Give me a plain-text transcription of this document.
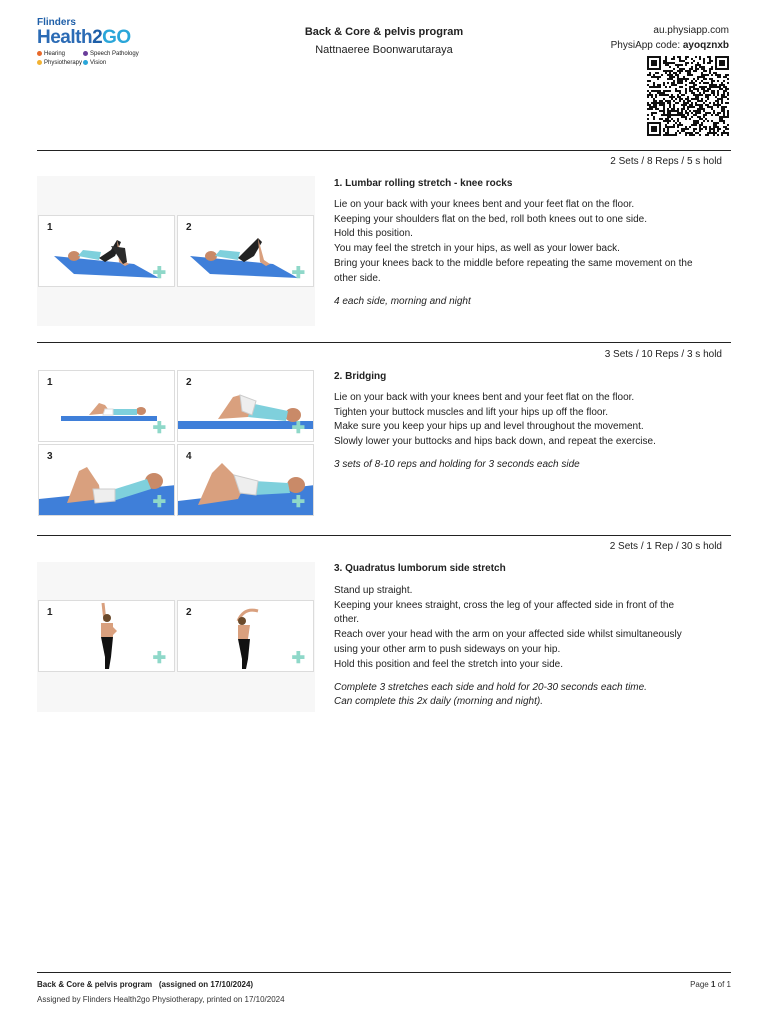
Flinders
Health2GO
Hearing	Speech Pathology
Physiotherapy	Vision
Back & Core & pelvis program
Nattnaeree Boonwarutaraya
au.physiapp.com
PhysiApp code: ayoqznxb
2 Sets / 8 Reps / 5 s hold
1
✚
2
✚
1. Lumbar rolling stretch - knee rocks
Lie on your back with your knees bent and your feet flat on the floor.
Keeping your shoulders flat on the bed, roll both knees out to one side.
Hold this position.
You may feel the stretch in your hips, as well as your lower back.
Bring your knees back to the middle before repeating the same movement on the
other side.
4 each side, morning and night
3 Sets / 10 Reps / 3 s hold
1
✚
2
✚
3
✚
4
✚
2. Bridging
Lie on your back with your knees bent and your feet flat on the floor.
Tighten your buttock muscles and lift your hips up off the floor.
Make sure you keep your hips up and level throughout the movement.
Slowly lower your buttocks and hips back down, and repeat the exercise.
3 sets of 8-10 reps and holding for 3 seconds each side
2 Sets / 1 Rep / 30 s hold
1
✚
2
✚
3. Quadratus lumborum side stretch
Stand up straight.
Keeping your knees straight, cross the leg of your affected side in front of the
other.
Reach over your head with the arm on your affected side whilst simultaneously
using your other arm to push sideways on your hip.
Hold this position and feel the stretch into your side.
Complete 3 stretches each side and hold for 20-30 seconds each time.
Can complete this 2x daily (morning and night).
Back & Core & pelvis program (assigned on 17/10/2024)
Assigned by Flinders Health2go Physiotherapy, printed on 17/10/2024
Page 1 of 1
